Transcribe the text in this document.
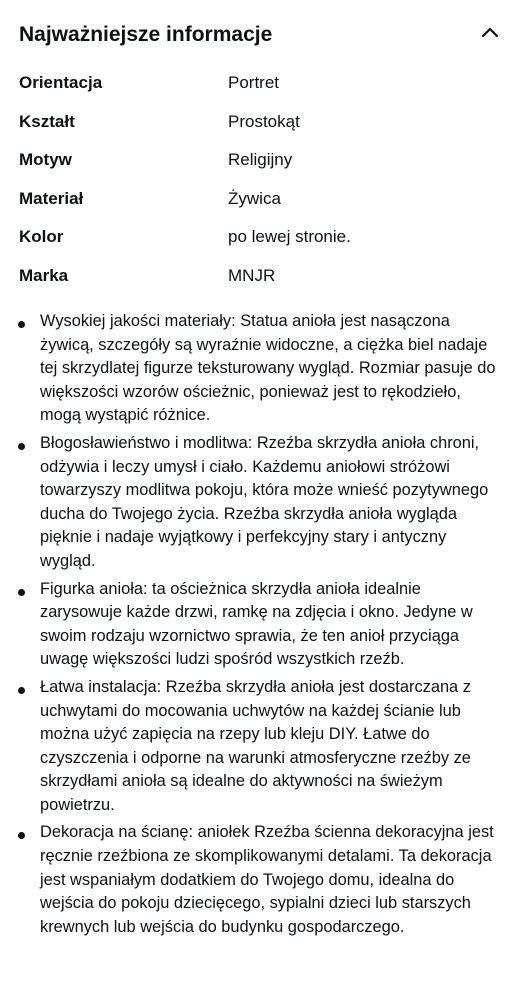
Najważniejsze informacje
Orientacja	Portret
Kształt	Prostokąt
Motyw	Religijny
Materiał	Żywica
Kolor	po lewej stronie.
Marka	MNJR
Wysokiej jakości materiały: Statua anioła jest nasączona żywicą, szczegóły są wyraźnie widoczne, a ciężka biel nadaje tej skrzydlatej figurze teksturowany wygląd. Rozmiar pasuje do większości wzorów ościeżnic, ponieważ jest to rękodzieło, mogą wystąpić różnice.
Błogosławieństwo i modlitwa: Rzeźba skrzydła anioła chroni, odżywia i leczy umysł i ciało. Każdemu aniołowi stróżowi towarzyszy modlitwa pokoju, która może wnieść pozytywnego ducha do Twojego życia. Rzeźba skrzydła anioła wygląda pięknie i nadaje wyjątkowy i perfekcyjny stary i antyczny wygląd.
Figurka anioła: ta ościeżnica skrzydła anioła idealnie zarysowuje każde drzwi, ramkę na zdjęcia i okno. Jedyne w swoim rodzaju wzornictwo sprawia, że ten anioł przyciąga uwagę większości ludzi spośród wszystkich rzeźb.
Łatwa instalacja: Rzeźba skrzydła anioła jest dostarczana z uchwytami do mocowania uchwytów na każdej ścianie lub można użyć zapięcia na rzepy lub kleju DIY. Łatwe do czyszczenia i odporne na warunki atmosferyczne rzeźby ze skrzydłami anioła są idealne do aktywności na świeżym powietrzu.
Dekoracja na ścianę: aniołek Rzeźba ścienna dekoracyjna jest ręcznie rzeźbiona ze skomplikowanymi detalami. Ta dekoracja jest wspaniałym dodatkiem do Twojego domu, idealna do wejścia do pokoju dziecięcego, sypialni dzieci lub starszych krewnych lub wejścia do budynku gospodarczego.
